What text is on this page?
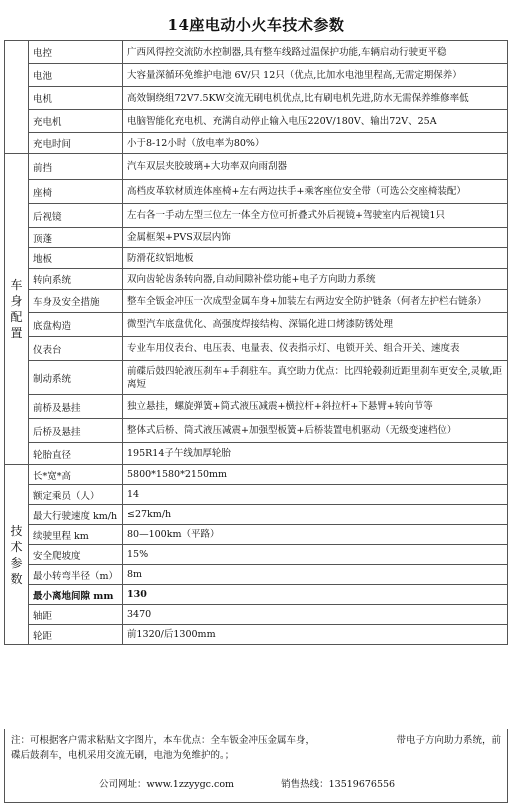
14座电动小火车技术参数
	电控	广西风得控交流防水控制器,具有整车线路过温保护功能,车辆启动行驶更平稳
	电池	大容量深循环免维护电池 6V/只 12只（优点,比加水电池里程高,无需定期保养）
	电机	高效铜绕组72V7.5KW交流无刷电机优点,比有刷电机先进,防水无需保养维修率低
	充电机	电脑智能化充电机、充满自动停止输入电压220V/180V、输出72V、25A
	充电时间	小于8-12小时（放电率为80%）
车身配置	前挡	汽车双层夹胶玻璃+大功率双向雨刮器
	座椅	高档皮革软材质连体座椅+左右两边扶手+乘客座位安全带（可选公交座椅装配）
	后视镜	左右各一手动左型三位左一体全方位可折叠式外后视镜+驾驶室内后视镜1只
	顶蓬	金属框架+PVS双层内饰
	地板	防滑花纹铝地板
	转向系统	双向齿轮齿条转向器,自动间隙补偿功能+电子方向助力系统
	车身及安全措施	整车全钣金冲压一次成型金属车身+加装左右两边安全防护链条（何者左护栏右链条）
	底盘构造	微型汽车底盘优化、高强度焊接结构、深镉化进口烤漆防锈处理
	仪表台	专业车用仪表台、电压表、电量表、仪表指示灯、电锁开关、组合开关、速度表
	制动系统	前碟后鼓四轮液压刹车+手刹驻车。真空助力优点：比四轮毂刹近距里刹车更安全,灵敏,距离短
	前桥及悬挂	独立悬挂，螺旋弹簧+筒式液压减震+横拉杆+斜拉杆+下悬臂+转向节等
	后桥及悬挂	整体式后桥、筒式液压减震+加强型板簧+后桥装置电机驱动（无级变速档位）
	轮胎直径	195R14子午线加厚轮胎
技术参数	长*宽*高	5800*1580*2150mm
	额定乘员（人）	14
	最大行驶速度 km/h	≤27km/h
	续驶里程 km	80—100km（平路）
	安全爬坡度	15%
	最小转弯半径（m）	8m
	最小离地间隙 mm	130
	轴距	3470
	轮距	前1320/后1300mm
注：可根据客户需求粘贴文字图片，本车优点：全车钣金冲压金属车身，	带电子方向助力系统，前
碟后鼓刹车，电机采用交流无刷，电池为免维护的。；
公司网址：www.1zzyygc.com	销售热线：13519676556
